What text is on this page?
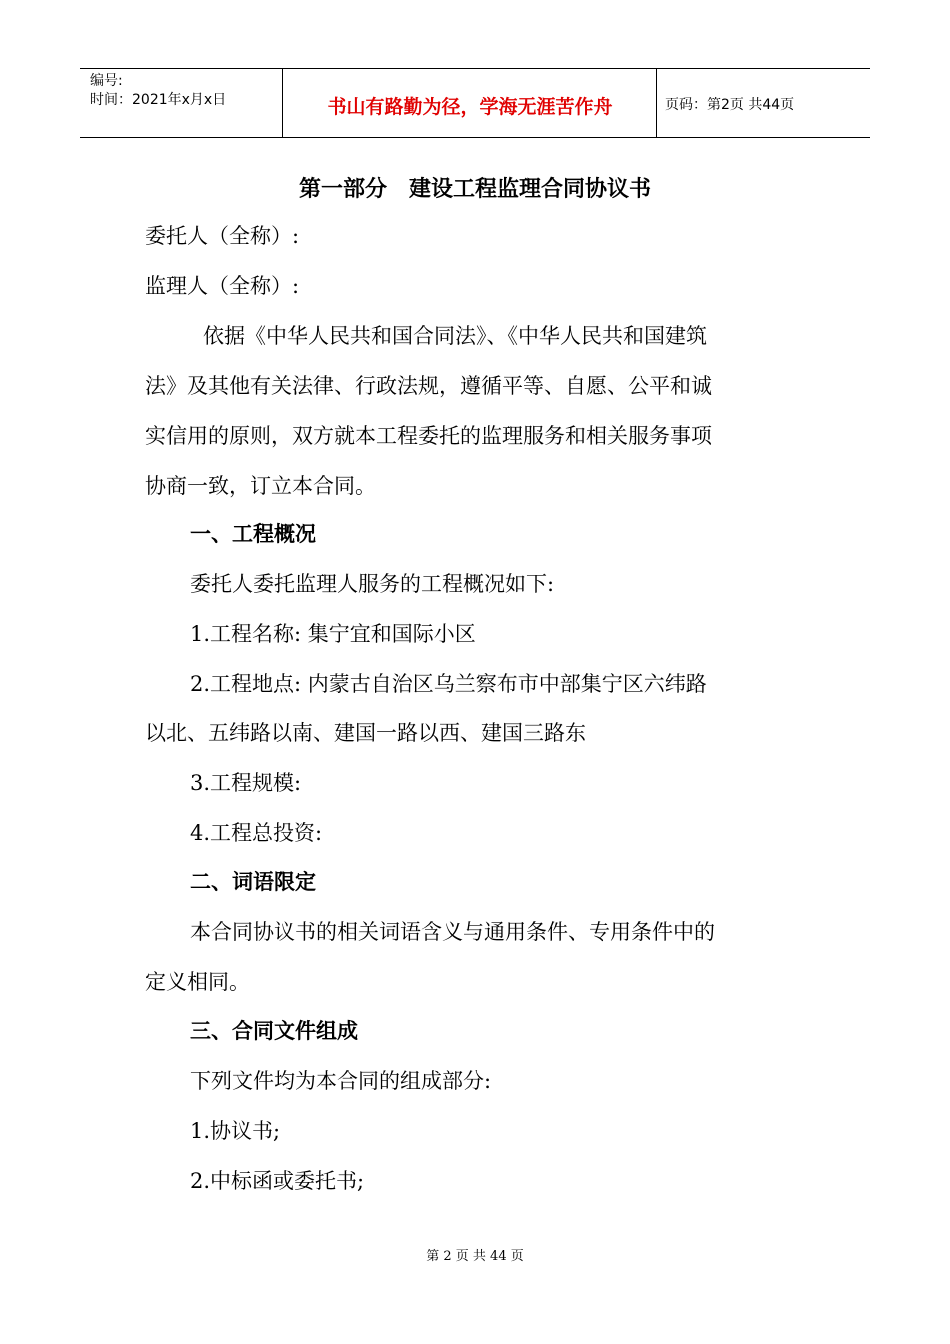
编号:
时间：2021年x月x日	书山有路勤为径，学海无涯苦作舟	页码：第2页 共44页
第一部分　建设工程监理合同协议书
委托人（全称）:
监理人（全称）:
依据《中华人民共和国合同法》、《中华人民共和国建筑
法》及其他有关法律、行政法规，遵循平等、自愿、公平和诚
实信用的原则，双方就本工程委托的监理服务和相关服务事项
协商一致，订立本合同。
一、工程概况
委托人委托监理人服务的工程概况如下:
1.工程名称: 集宁宜和国际小区
2.工程地点: 内蒙古自治区乌兰察布市中部集宁区六纬路
以北、五纬路以南、建国一路以西、建国三路东
3.工程规模:
4.工程总投资:
二、词语限定
本合同协议书的相关词语含义与通用条件、专用条件中的
定义相同。
三、合同文件组成
下列文件均为本合同的组成部分:
1.协议书;
2.中标函或委托书;
第 2 页 共 44 页
